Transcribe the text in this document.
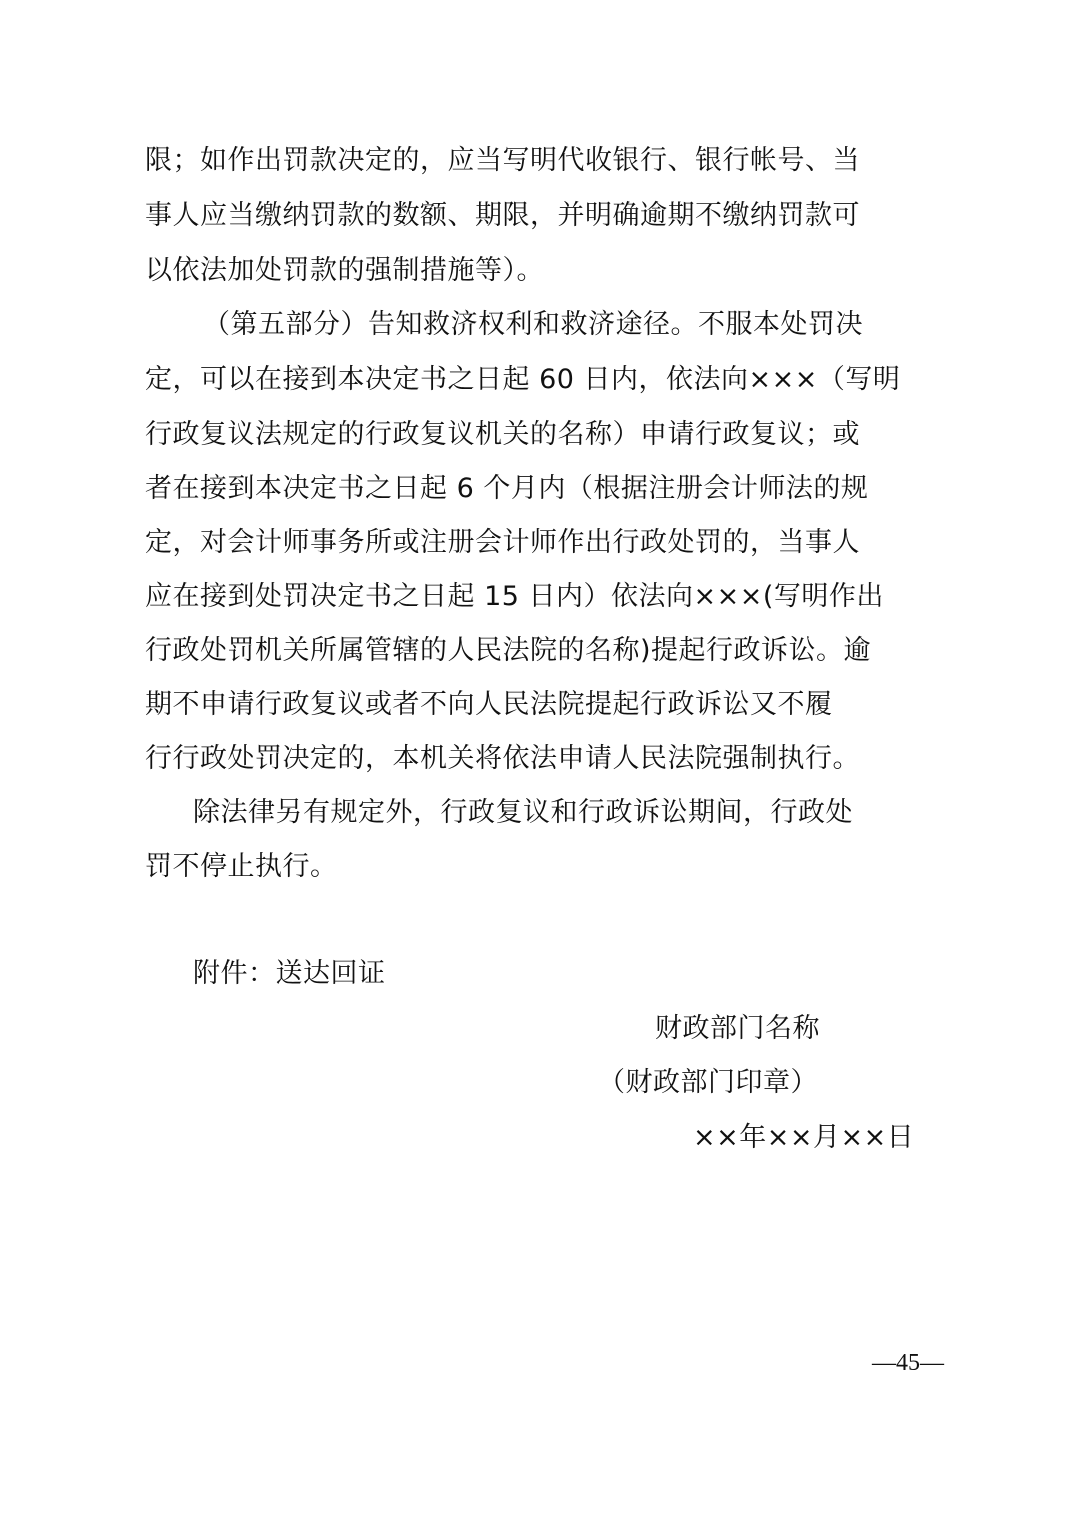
限；如作出罚款决定的，应当写明代收银行、银行帐号、当
事人应当缴纳罚款的数额、期限，并明确逾期不缴纳罚款可
以依法加处罚款的强制措施等）。
（第五部分）告知救济权利和救济途径。不服本处罚决
定，可以在接到本决定书之日起 60 日内，依法向×××（写明
行政复议法规定的行政复议机关的名称）申请行政复议；或
者在接到本决定书之日起 6 个月内（根据注册会计师法的规
定，对会计师事务所或注册会计师作出行政处罚的，当事人
应在接到处罚决定书之日起 15 日内）依法向×××(写明作出
行政处罚机关所属管辖的人民法院的名称)提起行政诉讼。逾
期不申请行政复议或者不向人民法院提起行政诉讼又不履
行行政处罚决定的，本机关将依法申请人民法院强制执行。
除法律另有规定外，行政复议和行政诉讼期间，行政处
罚不停止执行。
附件：送达回证
财政部门名称
（财政部门印章）
××年××月××日
—45—
